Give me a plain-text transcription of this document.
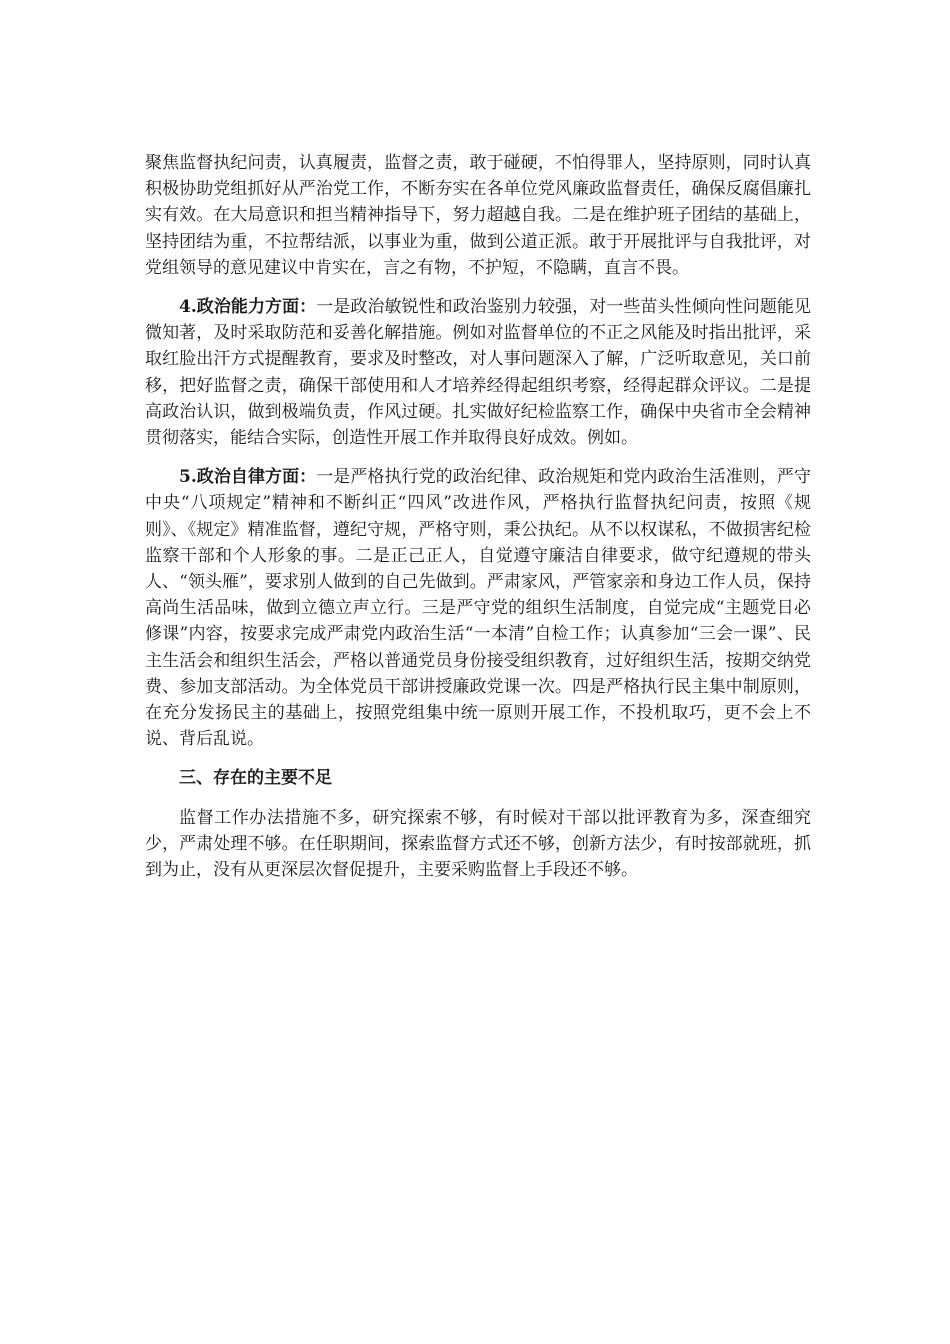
聚焦监督执纪问责，认真履责，监督之责，敢于碰硬，不怕得罪人，坚持原则，同时认真积极协助党组抓好从严治党工作，不断夯实在各单位党风廉政监督责任，确保反腐倡廉扎实有效。在大局意识和担当精神指导下，努力超越自我。二是在维护班子团结的基础上，坚持团结为重，不拉帮结派，以事业为重，做到公道正派。敢于开展批评与自我批评，对党组领导的意见建议中肯实在，言之有物，不护短，不隐瞒，直言不畏。

4.政治能力方面：一是政治敏锐性和政治鉴别力较强，对一些苗头性倾向性问题能见微知著，及时采取防范和妥善化解措施。例如对监督单位的不正之风能及时指出批评，采取红脸出汗方式提醒教育，要求及时整改，对人事问题深入了解，广泛听取意见，关口前移，把好监督之责，确保干部使用和人才培养经得起组织考察，经得起群众评议。二是提高政治认识，做到极端负责，作风过硬。扎实做好纪检监察工作，确保中央省市全会精神贯彻落实，能结合实际，创造性开展工作并取得良好成效。例如。

5.政治自律方面：一是严格执行党的政治纪律、政治规矩和党内政治生活准则，严守中央“八项规定”精神和不断纠正“四风”改进作风，严格执行监督执纪问责，按照《规则》、《规定》精准监督，遵纪守规，严格守则，秉公执纪。从不以权谋私，不做损害纪检监察干部和个人形象的事。二是正己正人，自觉遵守廉洁自律要求，做守纪遵规的带头人、“领头雁”，要求别人做到的自己先做到。严肃家风，严管家亲和身边工作人员，保持高尚生活品味，做到立德立声立行。三是严守党的组织生活制度，自觉完成“主题党日必修课”内容，按要求完成严肃党内政治生活“一本清”自检工作；认真参加“三会一课”、民主生活会和组织生活会，严格以普通党员身份接受组织教育，过好组织生活，按期交纳党费、参加支部活动。为全体党员干部讲授廉政党课一次。四是严格执行民主集中制原则，在充分发扬民主的基础上，按照党组集中统一原则开展工作，不投机取巧，更不会上不说、背后乱说。

三、存在的主要不足

监督工作办法措施不多，研究探索不够，有时候对干部以批评教育为多，深查细究少，严肃处理不够。在任职期间，探索监督方式还不够，创新方法少，有时按部就班，抓到为止，没有从更深层次督促提升，主要采购监督上手段还不够。
